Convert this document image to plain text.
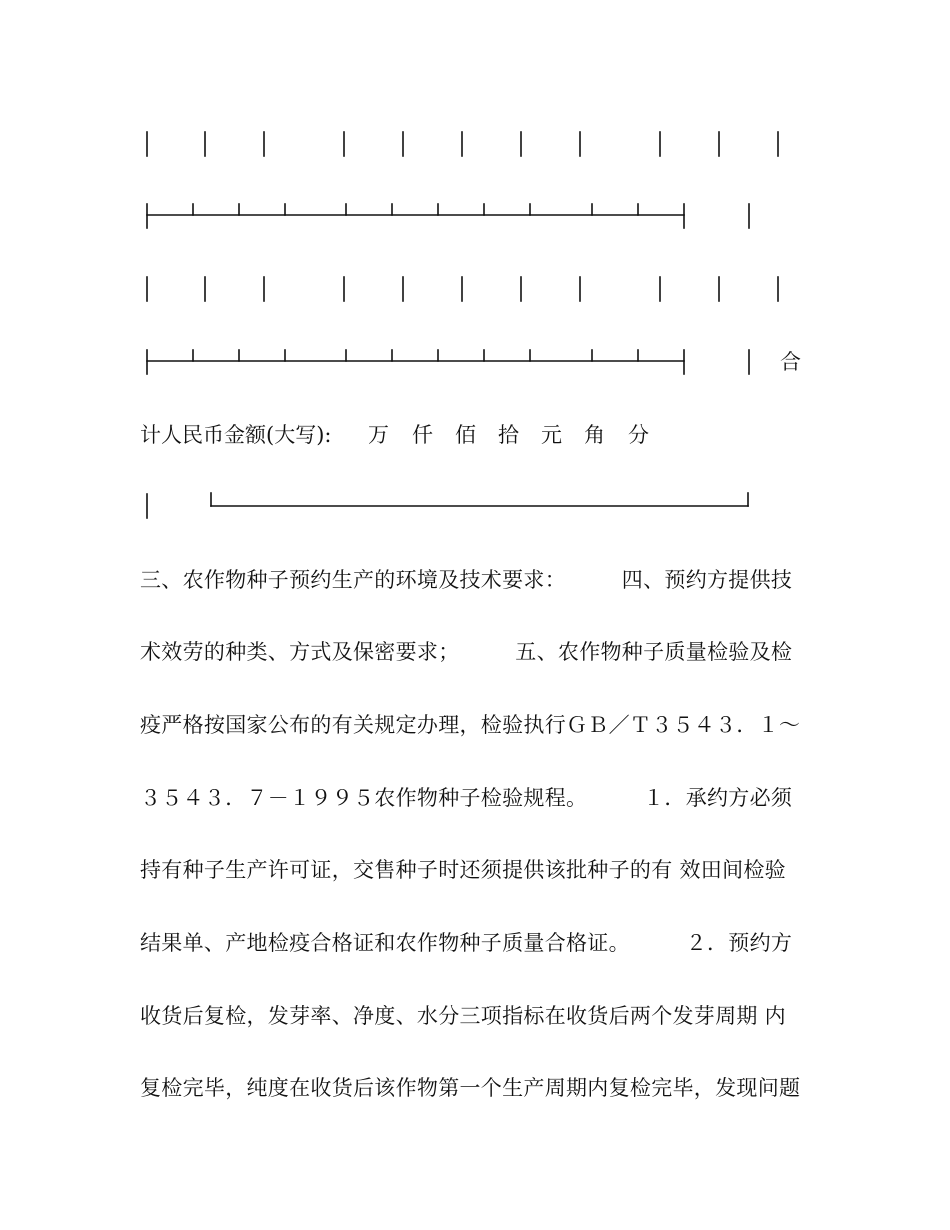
合
计人民币金额(大写): 万 仟 佰 拾 元 角 分
三、农作物种子预约生产的环境及技术要求：        四、预约方提供技
术效劳的种类、方式及保密要求；        五、农作物种子质量检验及检
疫严格按国家公布的有关规定办理，检验执行ＧＢ／Ｔ３５４３．１～
３５４３．７－１９９５农作物种子检验规程。        １．承约方必须
持有种子生产许可证，交售种子时还须提供该批种子的有 效田间检验
结果单、产地检疫合格证和农作物种子质量合格证。        ２．预约方
收货后复检，发芽率、净度、水分三项指标在收货后两个发芽周期 内
复检完毕，纯度在收货后该作物第一个生产周期内复检完毕，发现问题
